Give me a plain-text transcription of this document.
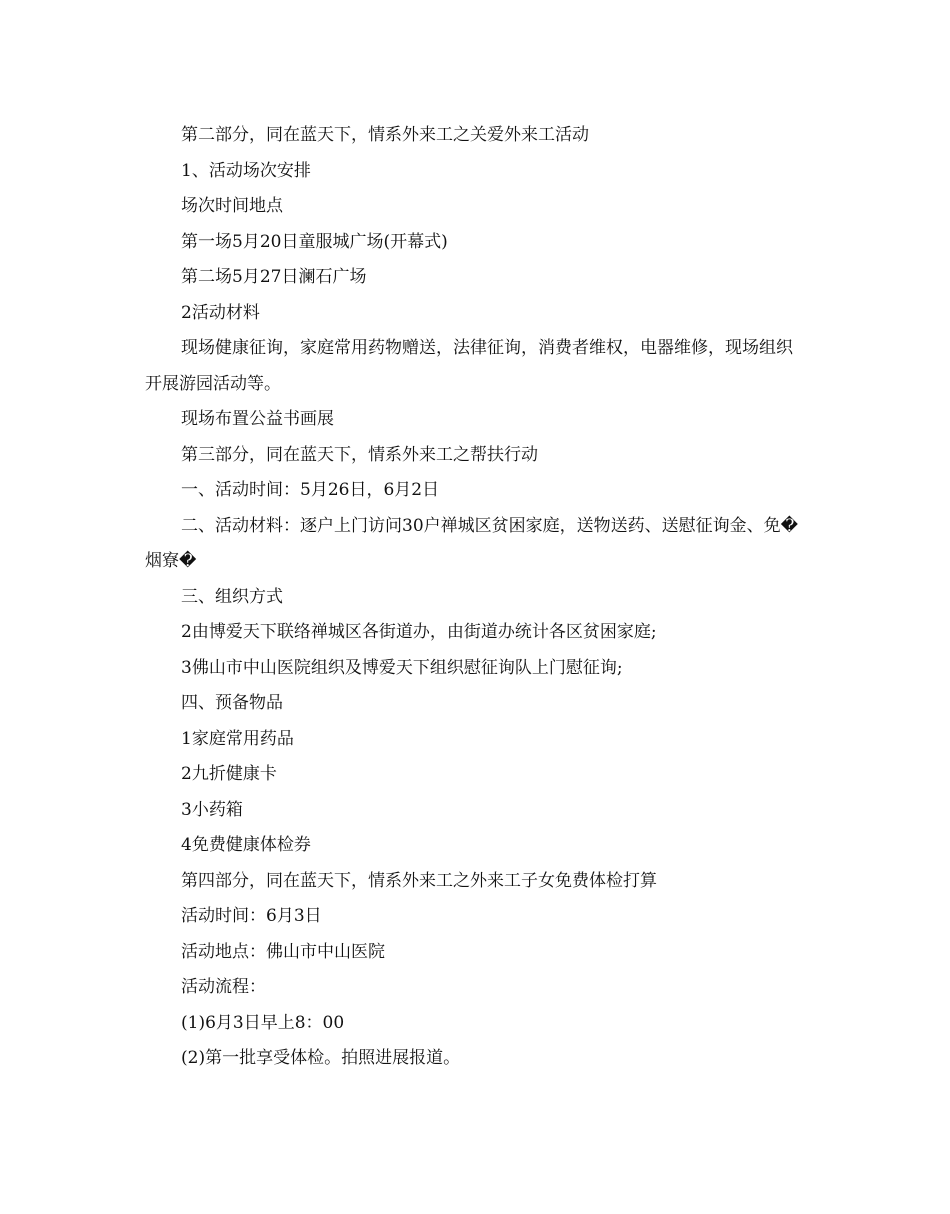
第二部分，同在蓝天下，情系外来工之关爱外来工活动

1、活动场次安排

场次时间地点

第一场5月20日童服城广场(开幕式)

第二场5月27日澜石广场

2活动材料

现场健康征询，家庭常用药物赠送，法律征询，消费者维权，电器维修，现场组织开展游园活动等。

现场布置公益书画展

第三部分，同在蓝天下，情系外来工之帮扶行动

一、活动时间：5月26日，6月2日

二、活动材料：逐户上门访问30户禅城区贫困家庭，送物送药、送慰征询金、免�烟寮�

三、组织方式

2由博爱天下联络禅城区各街道办，由街道办统计各区贫困家庭;

3佛山市中山医院组织及博爱天下组织慰征询队上门慰征询;

四、预备物品

1家庭常用药品

2九折健康卡

3小药箱

4免费健康体检券

第四部分，同在蓝天下，情系外来工之外来工子女免费体检打算

活动时间：6月3日

活动地点：佛山市中山医院

活动流程：

(1)6月3日早上8：00

(2)第一批享受体检。拍照进展报道。
